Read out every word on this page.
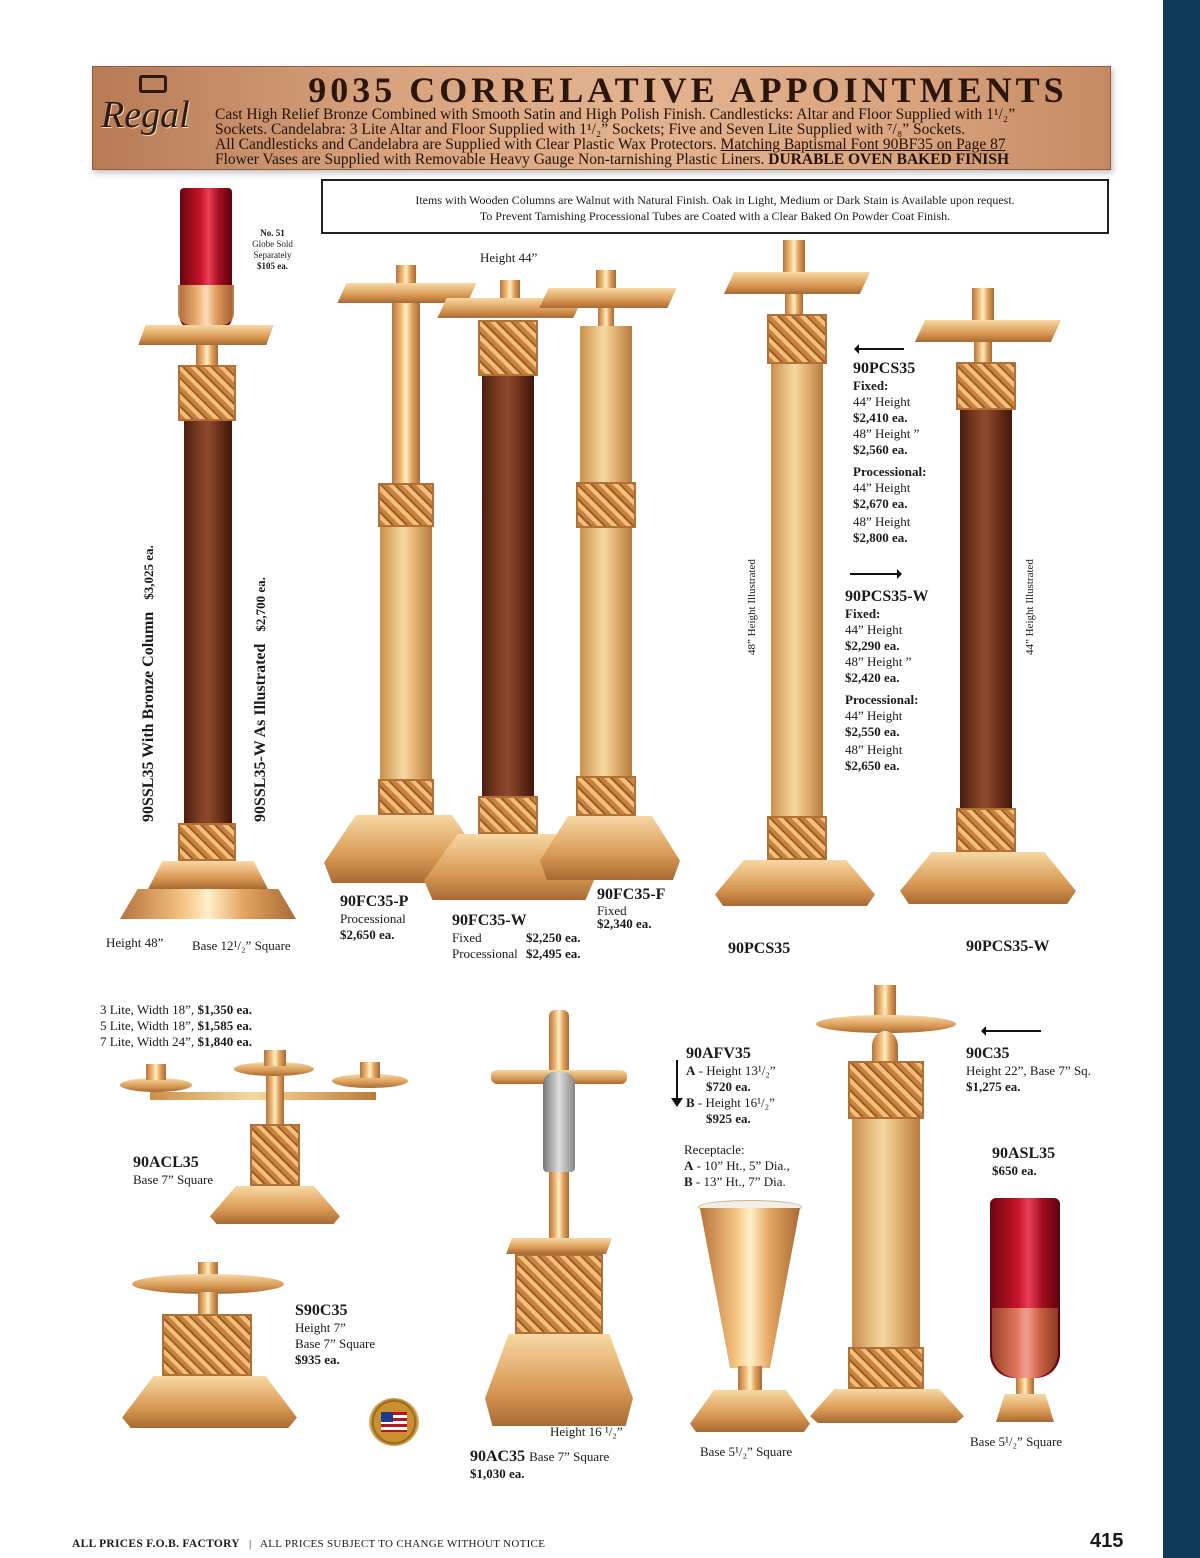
Regal
9035 CORRELATIVE APPOINTMENTS
Cast High Relief Bronze Combined with Smooth Satin and High Polish Finish. Candlesticks: Altar and Floor Supplied with 1¹/₂”
Sockets. Candelabra: 3 Lite Altar and Floor Supplied with 1¹/₂” Sockets; Five and Seven Lite Supplied with ⁷/₈” Sockets.
All Candlesticks and Candelabra are Supplied with Clear Plastic Wax Protectors. Matching Baptismal Font 90BF35 on Page 87
Flower Vases are Supplied with Removable Heavy Gauge Non-tarnishing Plastic Liners. DURABLE OVEN BAKED FINISH
Items with Wooden Columns are Walnut with Natural Finish. Oak in Light, Medium or Dark Stain is Available upon request.
To Prevent Tarnishing Processional Tubes are Coated with a Clear Baked On Powder Coat Finish.
No. 51
Globe Sold
Separately
$105 ea.
90SSL35 With Bronze Column   $3,025 ea.
90SSL35-W As Illustrated   $2,700 ea.
Height 48” Base 12¹/₂” Square
Height 44”
90FC35-P
Processional
$2,650 ea.
90FC35-W
Fixed	$2,250 ea.
Processional $2,495 ea.
90FC35-F
Fixed
$2,340 ea.
90PCS35
Fixed:
44” Height
$2,410 ea.
48” Height ”
$2,560 ea.
Processional:
44” Height
$2,670 ea.
48” Height
$2,800 ea.
90PCS35-W
Fixed:
44” Height
$2,290 ea.
48” Height ”
$2,420 ea.
Processional:
44” Height
$2,550 ea.
48” Height
$2,650 ea.
48” Height Illustrated	44” Height Illustrated
90PCS35	90PCS35-W
3 Lite, Width 18”, $1,350 ea.
5 Lite, Width 18”, $1,585 ea.
7 Lite, Width 24”, $1,840 ea.
90ACL35
Base 7” Square
S90C35
Height 7”
Base 7” Square
$935 ea.
Height 16 ¹/₂”
90AC35 Base 7” Square
$1,030 ea.
90AFV35
A - Height 13¹/₂”
$720 ea.
B - Height 16¹/₂”
$925 ea.
Receptacle:
A - 10” Ht., 5” Dia.,
B - 13” Ht., 7” Dia.
Base 5¹/₂” Square
90C35
Height 22”, Base 7” Sq.
$1,275 ea.
90ASL35
$650 ea.
Base 5¹/₂” Square
ALL PRICES F.O.B. FACTORY | ALL PRICES SUBJECT TO CHANGE WITHOUT NOTICE	415
